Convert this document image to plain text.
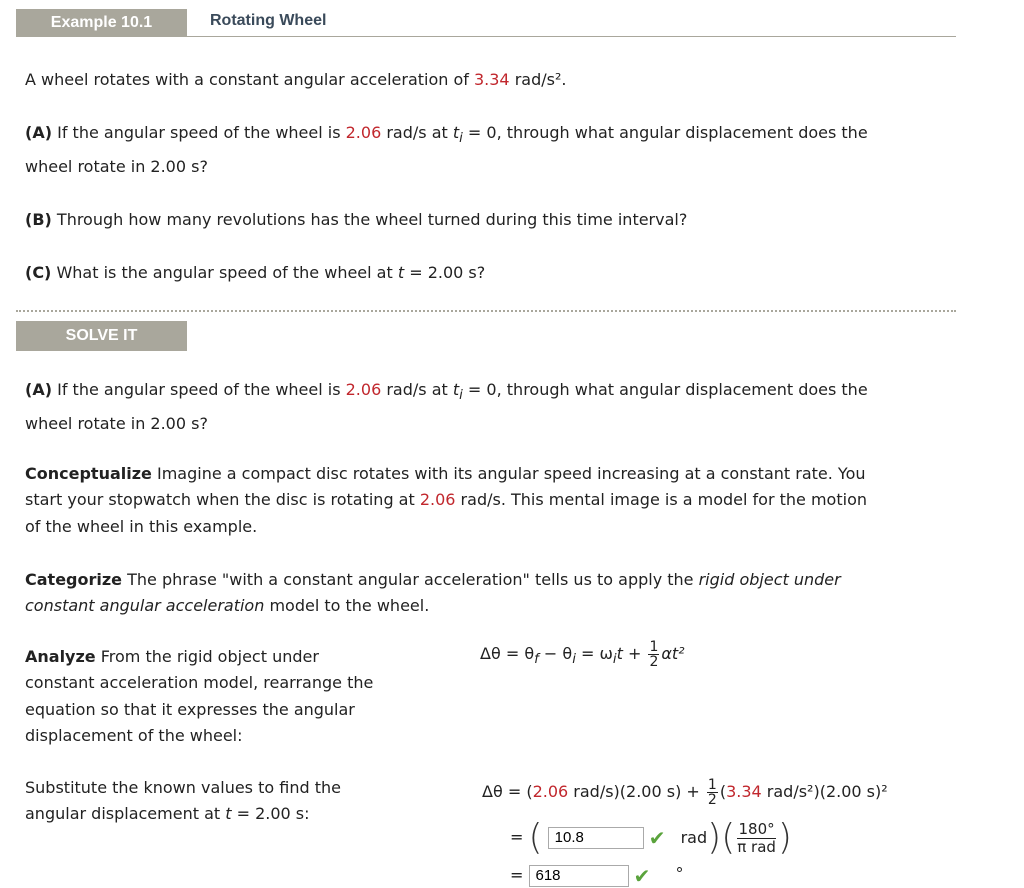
Example 10.1	Rotating Wheel
A wheel rotates with a constant angular acceleration of 3.34 rad/s².
(A) If the angular speed of the wheel is 2.06 rad/s at $t_i = 0$, through what angular displacement does the
wheel rotate in 2.00 s?
(B) Through how many revolutions has the wheel turned during this time interval?
(C) What is the angular speed of the wheel at t = 2.00 s?
SOLVE IT
(A) If the angular speed of the wheel is 2.06 rad/s at $t_i = 0$, through what angular displacement does the
wheel rotate in 2.00 s?
Conceptualize Imagine a compact disc rotates with its angular speed increasing at a constant rate. You
start your stopwatch when the disc is rotating at 2.06 rad/s. This mental image is a model for the motion
of the wheel in this example.
Categorize The phrase "with a constant angular acceleration" tells us to apply the rigid object under
constant angular acceleration model to the wheel.
Analyze From the rigid object under
constant acceleration model, rearrange the
equation so that it expresses the angular
displacement of the wheel:
$\Delta\theta = \theta_f - \theta_i = \omega_it + \frac{1}{2} \alpha t^2$
Substitute the known values to find the
angular displacement at t = 2.00 s:
Δθ = (2.06 rad/s)(2.00 $s) + \frac{1}{2} (3.34$ rad/s²)(2.00 s)²
= ( 10.8	✔ $rad)( \frac{180^\circ}{\text{π rad}}$ )
= 618	✔ °
